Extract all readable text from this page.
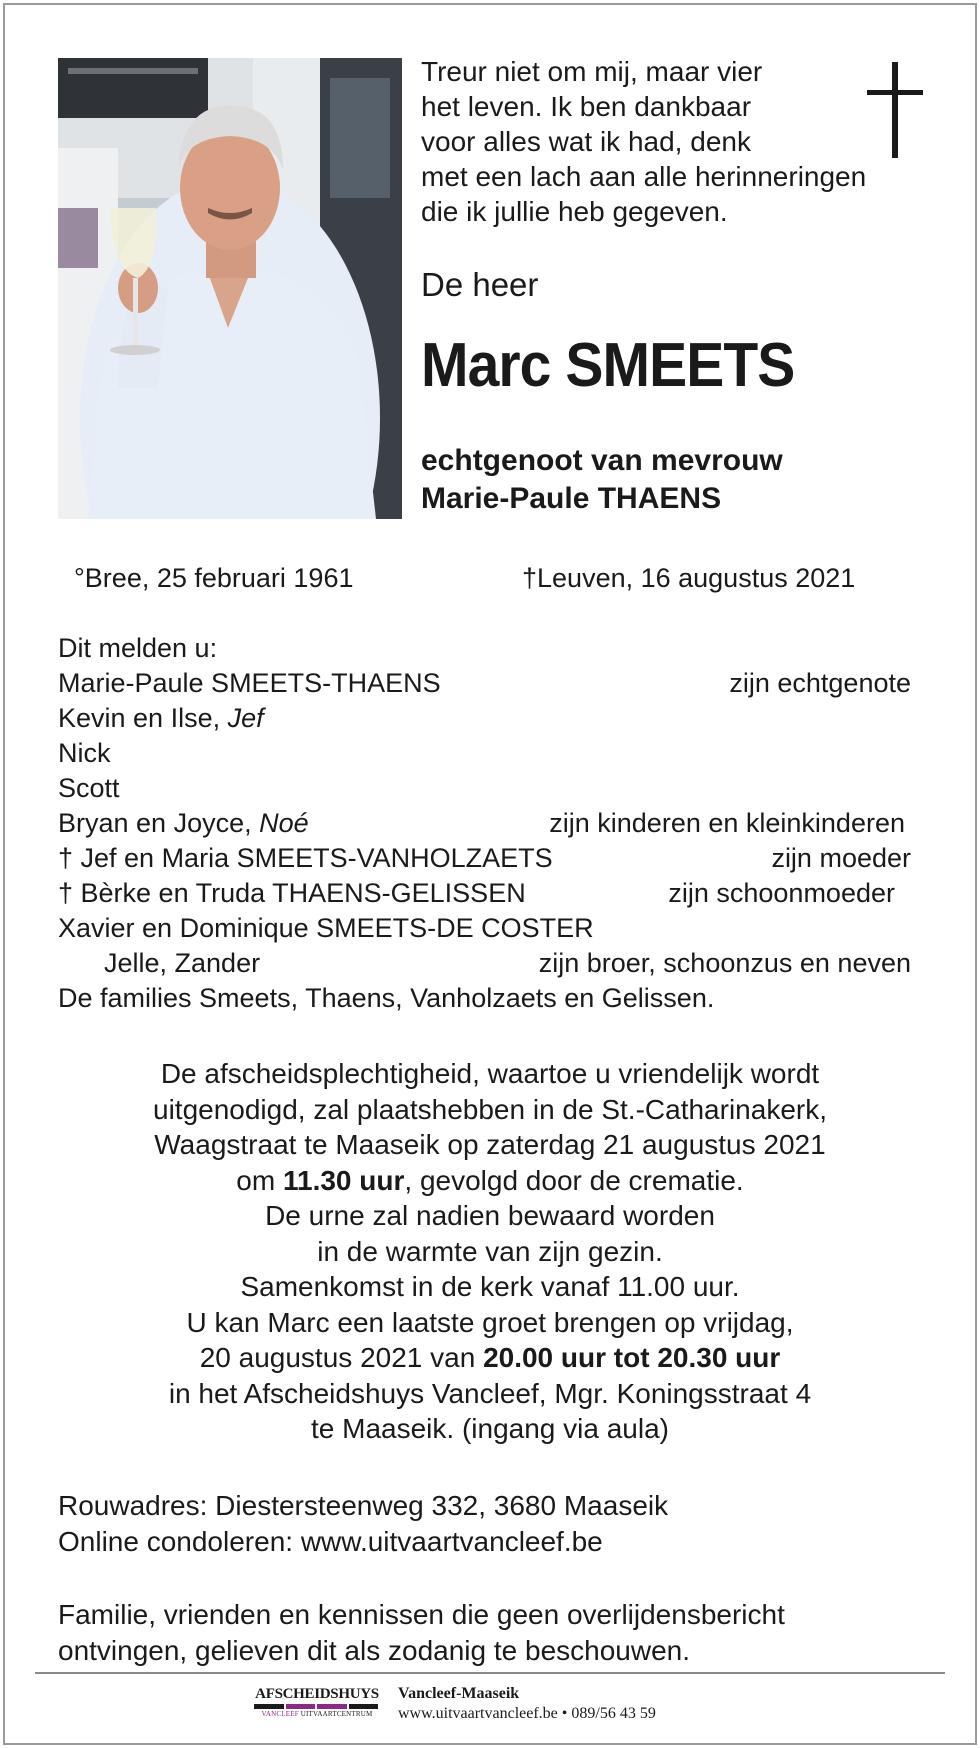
Treur niet om mij, maar vier
het leven. Ik ben dankbaar
voor alles wat ik had, denk
met een lach aan alle herinneringen
die ik jullie heb gegeven.
De heer
Marc SMEETS
echtgenoot van mevrouw
Marie-Paule THAENS
°Bree, 25 februari 1961	†Leuven, 16 augustus 2021
Dit melden u:
Marie-Paule SMEETS-THAENS	zijn echtgenote
Kevin en Ilse, Jef
Nick
Scott
Bryan en Joyce, Noé	zijn kinderen en kleinkinderen
† Jef en Maria SMEETS-VANHOLZAETS	zijn moeder
† Bèrke en Truda THAENS-GELISSEN	zijn schoonmoeder
Xavier en Dominique SMEETS-DE COSTER
Jelle, Zander	zijn broer, schoonzus en neven
De families Smeets, Thaens, Vanholzaets en Gelissen.
De afscheidsplechtigheid, waartoe u vriendelijk wordt
uitgenodigd, zal plaatshebben in de St.-Catharinakerk,
Waagstraat te Maaseik op zaterdag 21 augustus 2021
om 11.30 uur, gevolgd door de crematie.
De urne zal nadien bewaard worden
in de warmte van zijn gezin.
Samenkomst in de kerk vanaf 11.00 uur.
U kan Marc een laatste groet brengen op vrijdag,
20 augustus 2021 van 20.00 uur tot 20.30 uur
in het Afscheidshuys Vancleef, Mgr. Koningsstraat 4
te Maaseik. (ingang via aula)
Rouwadres: Diestersteenweg 332, 3680 Maaseik
Online condoleren: www.uitvaartvancleef.be
Familie, vrienden en kennissen die geen overlijdensbericht
ontvingen, gelieven dit als zodanig te beschouwen.
AFSCHEIDSHUYS
VANCLEEF UITVAARTCENTRUM
Vancleef-Maaseik
www.uitvaartvancleef.be • 089/56 43 59
